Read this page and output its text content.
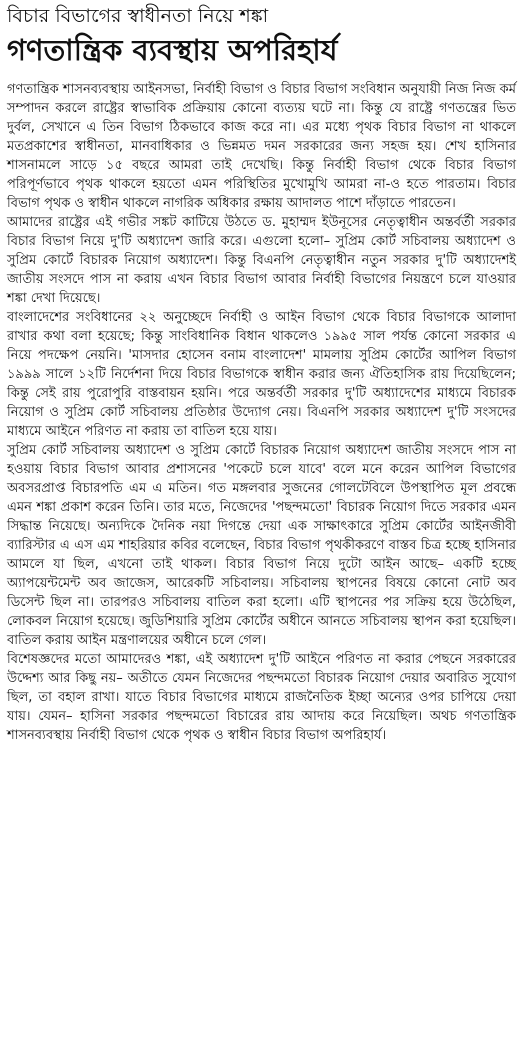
বিচার বিভাগের স্বাধীনতা নিয়ে শঙ্কা
গণতান্ত্রিক ব্যবস্থায় অপরিহার্য

গণতান্ত্রিক শাসনব্যবস্থায় আইনসভা, নির্বাহী বিভাগ ও বিচার বিভাগ সংবিধান অনুযায়ী নিজ নিজ কর্ম সম্পাদন করলে রাষ্ট্রের স্বাভাবিক প্রক্রিয়ায় কোনো ব্যত্যয় ঘটে না। কিন্তু যে রাষ্ট্রে গণতন্ত্রের ভিত দুর্বল, সেখানে এ তিন বিভাগ ঠিকভাবে কাজ করে না। এর মধ্যে পৃথক বিচার বিভাগ না থাকলে মতপ্রকাশের স্বাধীনতা, মানবাধিকার ও ভিন্নমত দমন সরকারের জন্য সহজ হয়। শেখ হাসিনার শাসনামলে সাড়ে ১৫ বছরে আমরা তাই দেখেছি। কিন্তু নির্বাহী বিভাগ থেকে বিচার বিভাগ পরিপূর্ণভাবে পৃথক থাকলে হয়তো এমন পরিস্থিতির মুখোমুখি আমরা না-ও হতে পারতাম। বিচার বিভাগ পৃথক ও স্বাধীন থাকলে নাগরিক অধিকার রক্ষায় আদালত পাশে দাঁড়াতে পারতেন।

আমাদের রাষ্ট্রের এই গভীর সঙ্কট কাটিয়ে উঠতে ড. মুহাম্মদ ইউনূসের নেতৃত্বাধীন অন্তর্বর্তী সরকার বিচার বিভাগ নিয়ে দু'টি অধ্যাদেশ জারি করে। এগুলো হলো– সুপ্রিম কোর্ট সচিবালয় অধ্যাদেশ ও সুপ্রিম কোর্টে বিচারক নিয়োগ অধ্যাদেশ। কিন্তু বিএনপি নেতৃত্বাধীন নতুন সরকার দু'টি অধ্যাদেশই জাতীয় সংসদে পাস না করায় এখন বিচার বিভাগ আবার নির্বাহী বিভাগের নিয়ন্ত্রণে চলে যাওয়ার শঙ্কা দেখা দিয়েছে।

বাংলাদেশের সংবিধানের ২২ অনুচ্ছেদে নির্বাহী ও আইন বিভাগ থেকে বিচার বিভাগকে আলাদা রাখার কথা বলা হয়েছে; কিন্তু সাংবিধানিক বিধান থাকলেও ১৯৯৫ সাল পর্যন্ত কোনো সরকার এ নিয়ে পদক্ষেপ নেয়নি। 'মাসদার হোসেন বনাম বাংলাদেশ' মামলায় সুপ্রিম কোর্টের আপিল বিভাগ ১৯৯৯ সালে ১২টি নির্দেশনা দিয়ে বিচার বিভাগকে স্বাধীন করার জন্য ঐতিহাসিক রায় দিয়েছিলেন; কিন্তু সেই রায় পুরোপুরি বাস্তবায়ন হয়নি। পরে অন্তর্বর্তী সরকার দু'টি অধ্যাদেশের মাধ্যমে বিচারক নিয়োগ ও সুপ্রিম কোর্ট সচিবালয় প্রতিষ্ঠার উদ্যোগ নেয়। বিএনপি সরকার অধ্যাদেশ দু'টি সংসদের মাধ্যমে আইনে পরিণত না করায় তা বাতিল হয়ে যায়।

সুপ্রিম কোর্ট সচিবালয় অধ্যাদেশ ও সুপ্রিম কোর্টে বিচারক নিয়োগ অধ্যাদেশ জাতীয় সংসদে পাস না হওয়ায় বিচার বিভাগ আবার প্রশাসনের 'পকেটে চলে যাবে' বলে মনে করেন আপিল বিভাগের অবসরপ্রাপ্ত বিচারপতি এম এ মতিন। গত মঙ্গলবার সুজনের গোলটেবিলে উপস্থাপিত মূল প্রবন্ধে এমন শঙ্কা প্রকাশ করেন তিনি। তার মতে, নিজেদের 'পছন্দমতো' বিচারক নিয়োগ দিতে সরকার এমন সিদ্ধান্ত নিয়েছে। অন্যদিকে দৈনিক নয়া দিগন্তে দেয়া এক সাক্ষাৎকারে সুপ্রিম কোর্টের আইনজীবী ব্যারিস্টার এ এস এম শাহরিয়ার কবির বলেছেন, বিচার বিভাগ পৃথকীকরণে বাস্তব চিত্র হচ্ছে হাসিনার আমলে যা ছিল, এখনো তাই থাকল। বিচার বিভাগ নিয়ে দুটো আইন আছে– একটি হচ্ছে অ্যাপয়েন্টমেন্ট অব জাজেস, আরেকটি সচিবালয়। সচিবালয় স্থাপনের বিষয়ে কোনো নোট অব ডিসেন্ট ছিল না। তারপরও সচিবালয় বাতিল করা হলো। এটি স্থাপনের পর সক্রিয় হয়ে উঠেছিল, লোকবল নিয়োগ হয়েছে। জুডিশিয়ারি সুপ্রিম কোর্টের অধীনে আনতে সচিবালয় স্থাপন করা হয়েছিল। বাতিল করায় আইন মন্ত্রণালয়ের অধীনে চলে গেল।

বিশেষজ্ঞদের মতো আমাদেরও শঙ্কা, এই অধ্যাদেশ দু'টি আইনে পরিণত না করার পেছনে সরকারের উদ্দেশ্য আর কিছু নয়– অতীতে যেমন নিজেদের পছন্দমতো বিচারক নিয়োগ দেয়ার অবারিত সুযোগ ছিল, তা বহাল রাখা। যাতে বিচার বিভাগের মাধ্যমে রাজনৈতিক ইচ্ছা অন্যের ওপর চাপিয়ে দেয়া যায়। যেমন– হাসিনা সরকার পছন্দমতো বিচারের রায় আদায় করে নিয়েছিল। অথচ গণতান্ত্রিক শাসনব্যবস্থায় নির্বাহী বিভাগ থেকে পৃথক ও স্বাধীন বিচার বিভাগ অপরিহার্য।
